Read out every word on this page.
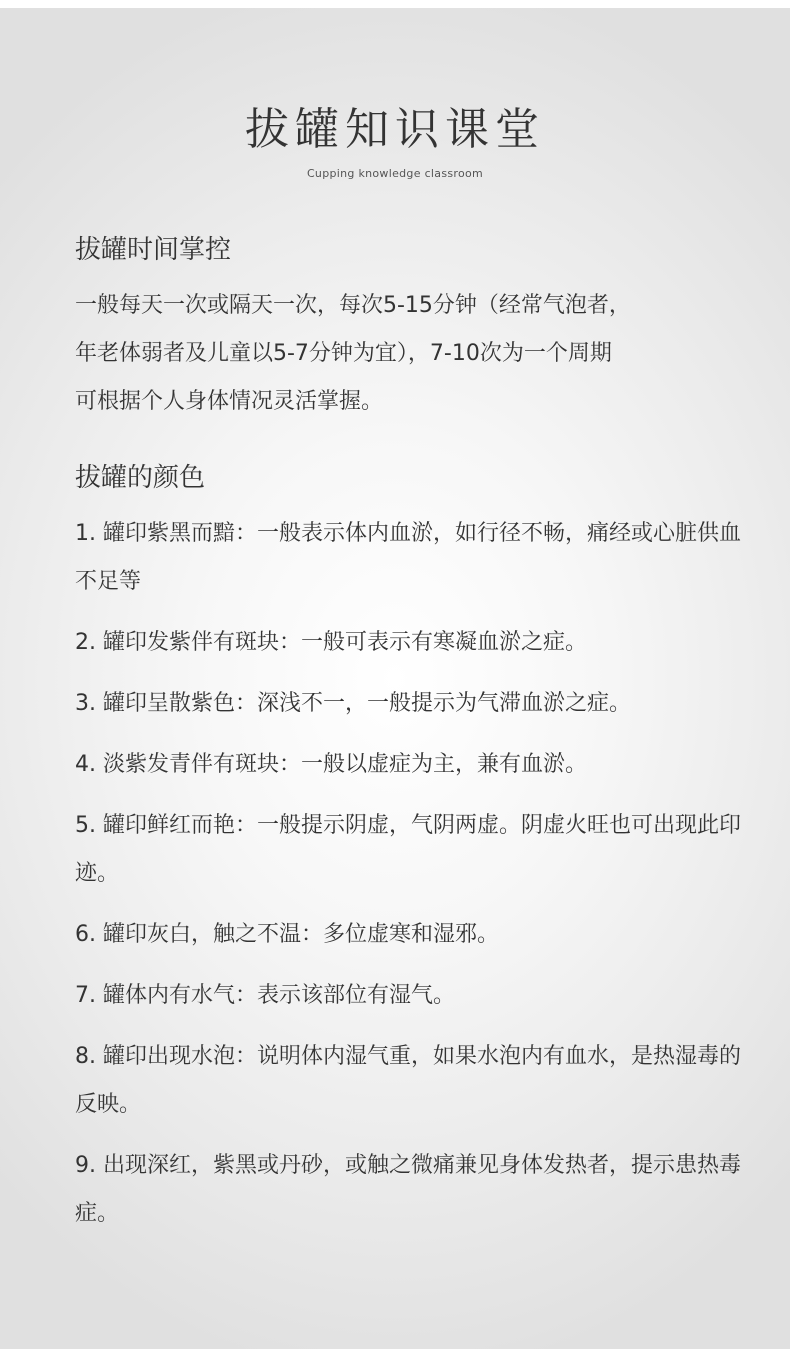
拔罐知识课堂
Cupping knowledge classroom
拔罐时间掌控
一般每天一次或隔天一次，每次5-15分钟（经常气泡者，
年老体弱者及儿童以5-7分钟为宜），7-10次为一个周期
可根据个人身体情况灵活掌握。
拔罐的颜色
1. 罐印紫黑而黯：一般表示体内血淤，如行径不畅，痛经或心脏供血不足等
2. 罐印发紫伴有斑块：一般可表示有寒凝血淤之症。
3. 罐印呈散紫色：深浅不一，一般提示为气滞血淤之症。
4. 淡紫发青伴有斑块：一般以虚症为主，兼有血淤。
5. 罐印鲜红而艳：一般提示阴虚，气阴两虚。阴虚火旺也可出现此印迹。
6. 罐印灰白，触之不温：多位虚寒和湿邪。
7. 罐体内有水气：表示该部位有湿气。
8. 罐印出现水泡：说明体内湿气重，如果水泡内有血水，是热湿毒的反映。
9. 出现深红，紫黑或丹砂，或触之微痛兼见身体发热者，提示患热毒症。
